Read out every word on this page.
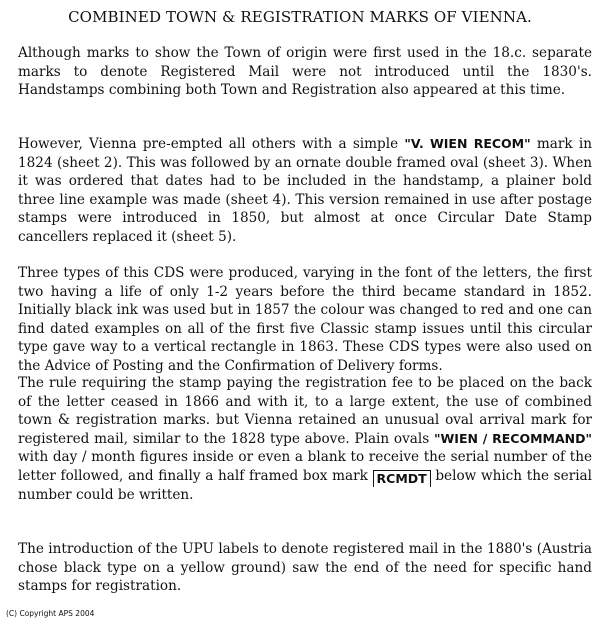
COMBINED TOWN & REGISTRATION MARKS OF VIENNA.

Although marks to show the Town of origin were first used in the 18.c. separate marks to denote Registered Mail were not introduced until the 1830's. Handstamps combining both Town and Registration also appeared at this time.

However, Vienna pre-empted all others with a simple "V. WIEN RECOM" mark in 1824 (sheet 2). This was followed by an ornate double framed oval (sheet 3). When it was ordered that dates had to be included in the handstamp, a plainer bold three line example was made (sheet 4). This version remained in use after postage stamps were introduced in 1850, but almost at once Circular Date Stamp cancellers replaced it (sheet 5).

Three types of this CDS were produced, varying in the font of the letters, the first two having a life of only 1-2 years before the third became standard in 1852. Initially black ink was used but in 1857 the colour was changed to red and one can find dated examples on all of the first five Classic stamp issues until this circular type gave way to a vertical rectangle in 1863. These CDS types were also used on the Advice of Posting and the Confirmation of Delivery forms.

The rule requiring the stamp paying the registration fee to be placed on the back of the letter ceased in 1866 and with it, to a large extent, the use of combined town & registration marks. but Vienna retained an unusual oval arrival mark for registered mail, similar to the 1828 type above. Plain ovals "WIEN / RECOMMAND" with day / month figures inside or even a blank to receive the serial number of the letter followed, and finally a half framed box mark RCMDT below which the serial number could be written.

The introduction of the UPU labels to denote registered mail in the 1880's (Austria chose black type on a yellow ground) saw the end of the need for specific hand stamps for registration.

(C) Copyright APS 2004
